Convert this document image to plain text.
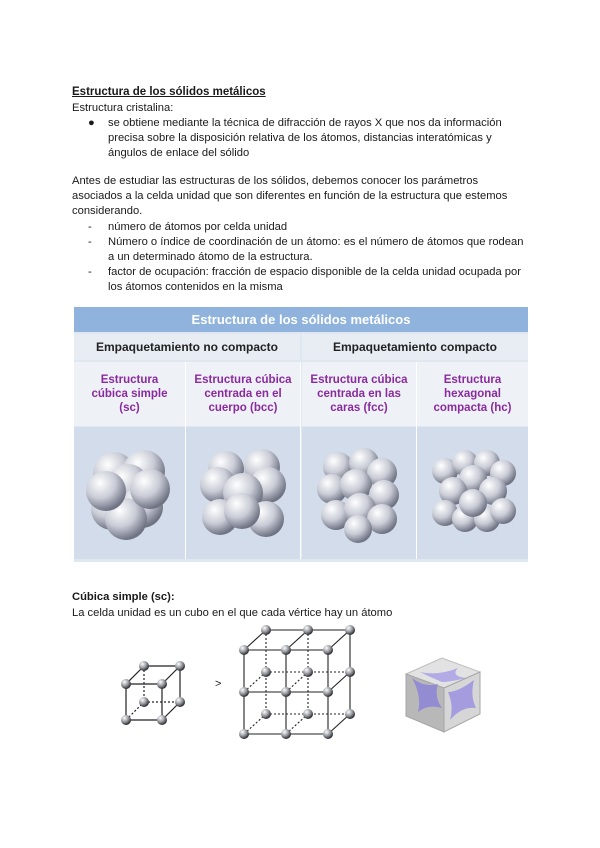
Estructura de los sólidos metálicos
Estructura cristalina:
● se obtiene mediante la técnica de difracción de rayos X que nos da información
precisa sobre la disposición relativa de los átomos, distancias interatómicas y
ángulos de enlace del sólido
Antes de estudiar las estructuras de los sólidos, debemos conocer los parámetros
asociados a la celda unidad que son diferentes en función de la estructura que estemos
considerando.
- número de átomos por celda unidad
- Número o índice de coordinación de un átomo: es el número de átomos que rodean
a un determinado átomo de la estructura.
- factor de ocupación: fracción de espacio disponible de la celda unidad ocupada por
los átomos contenidos en la misma
Estructura de los sólidos metálicos
Empaquetamiento no compacto	Empaquetamiento compacto
Estructura
cúbica simple
(sc)
Estructura cúbica
centrada en el
cuerpo (bcc)
Estructura cúbica
centrada en las
caras (fcc)
Estructura
hexagonal
compacta (hc)
Cúbica simple (sc):
La celda unidad es un cubo en el que cada vértice hay un átomo
>
